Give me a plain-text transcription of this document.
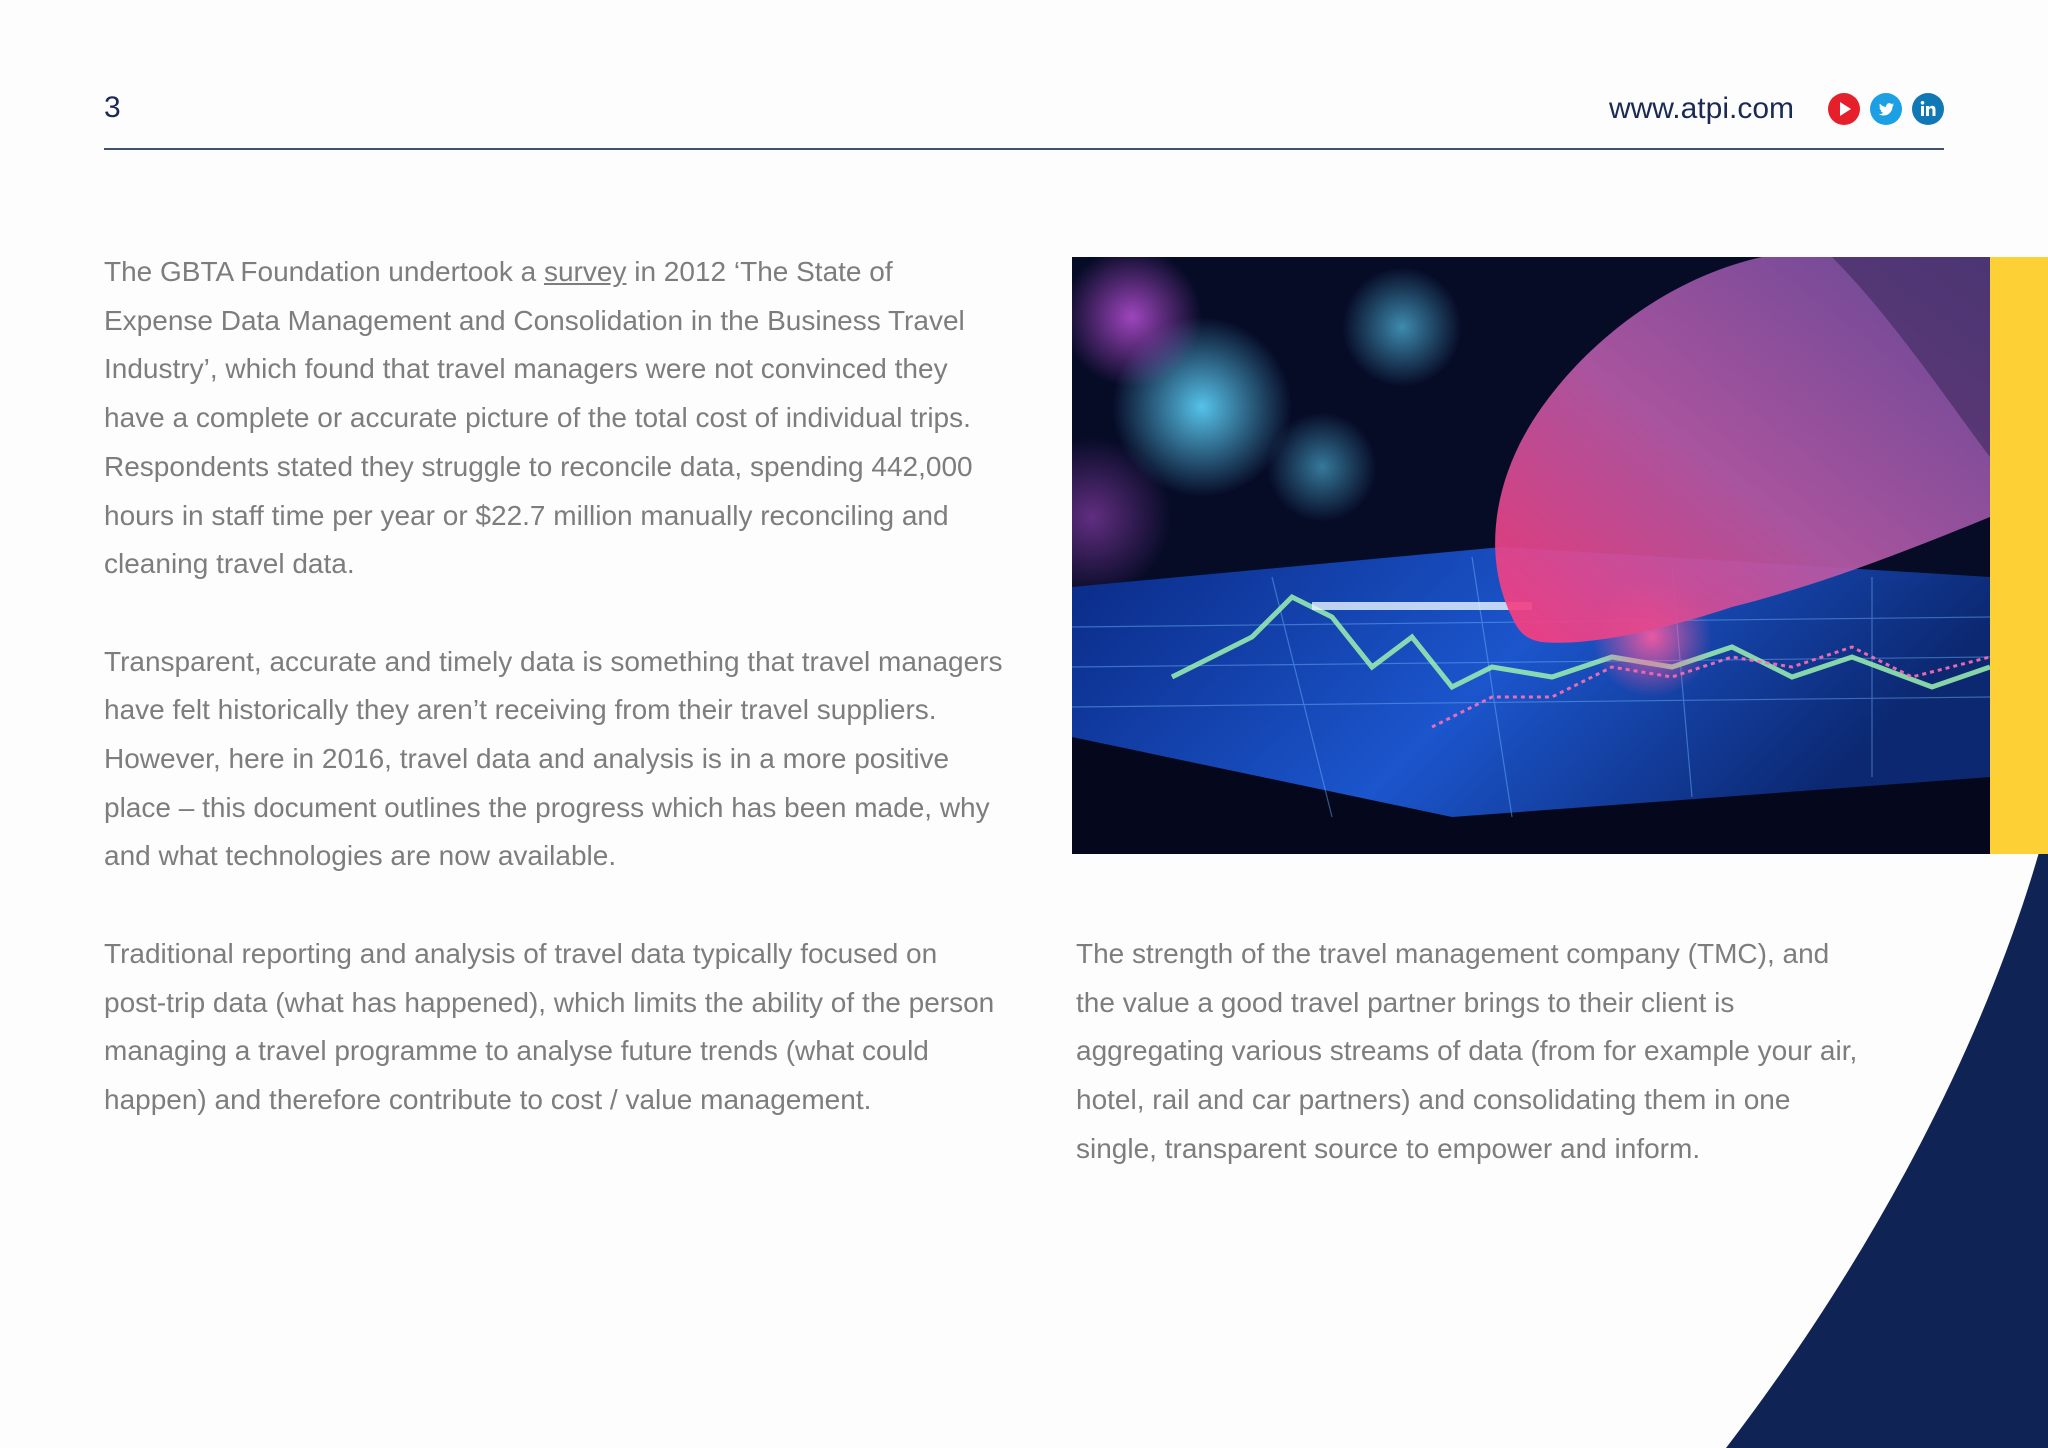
3	www.atpi.com

The GBTA Foundation undertook a survey in 2012 ‘The State of Expense Data Management and Consolidation in the Business Travel Industry’, which found that travel managers were not convinced they have a complete or accurate picture of the total cost of individual trips. Respondents stated they struggle to reconcile data, spending 442,000 hours in staff time per year or $22.7 million manually reconciling and cleaning travel data.

Transparent, accurate and timely data is something that travel managers have felt historically they aren’t receiving from their travel suppliers. However, here in 2016, travel data and analysis is in a more positive place – this document outlines the progress which has been made, why and what technologies are now available.

Traditional reporting and analysis of travel data typically focused on post-trip data (what has happened), which limits the ability of the person managing a travel programme to analyse future trends (what could happen) and therefore contribute to cost / value management.

The strength of the travel management company (TMC), and the value a good travel partner brings to their client is aggregating various streams of data (from for example your air, hotel, rail and car partners) and consolidating them in one single, transparent source to empower and inform.
